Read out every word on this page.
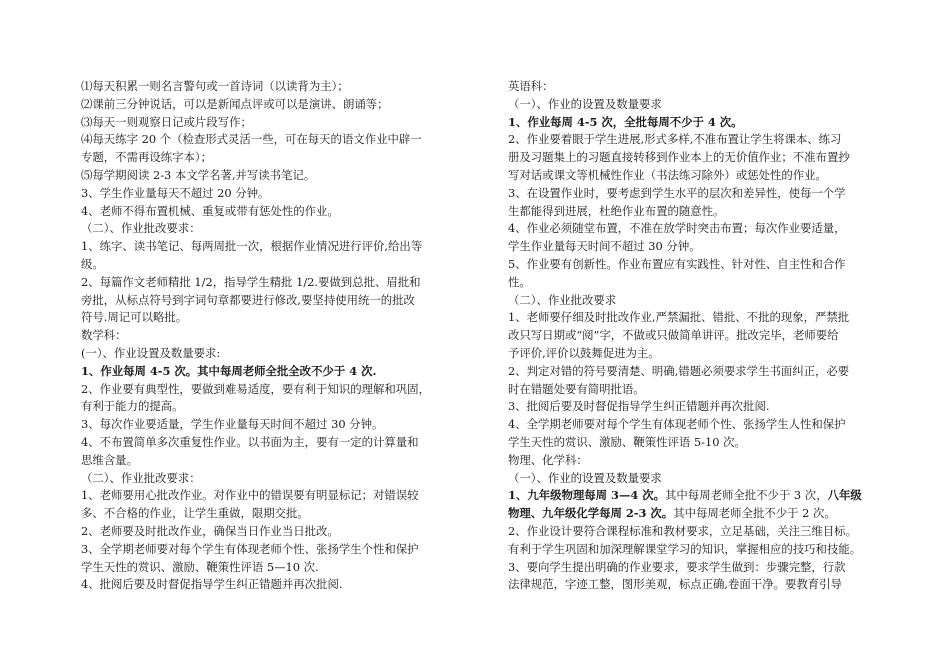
⑴每天积累一则名言警句或一首诗词（以读背为主）；
⑵课前三分钟说话，可以是新闻点评或可以是演讲、朗诵等；
⑶每天一则观察日记或片段写作；
⑷每天练字 20 个（检查形式灵活一些，可在每天的语文作业中辟一
专题，不需再设练字本）；
⑸每学期阅读 2-3 本文学名著,并写读书笔记。
3、学生作业量每天不超过 20 分钟。
4、老师不得布置机械、重复或带有惩处性的作业。
（二）、作业批改要求：
1、练字、读书笔记、每两周批一次，根据作业情况进行评价,给出等
级。
2、每篇作文老师精批 1/2，指导学生精批 1/2.要做到总批、眉批和
旁批，从标点符号到字词句章都要进行修改,要坚持使用统一的批改
符号.周记可以略批。
数学科：
(一）、作业设置及数量要求:
1、作业每周 4-5 次。其中每周老师全批全改不少于 4 次.
2、作业要有典型性，要做到难易适度，要有利于知识的理解和巩固，
有利于能力的提高。
3、每次作业要适量，学生作业量每天时间不超过 30 分钟。
4、不布置简单多次重复性作业。以书面为主，要有一定的计算量和
思维含量。
（二）、作业批改要求：
1、老师要用心批改作业。对作业中的错误要有明显标记；对错误较
多、不合格的作业，让学生重做，限期交批。
2、老师要及时批改作业，确保当日作业当日批改。
3、全学期老师要对每个学生有体现老师个性、张扬学生个性和保护
学生天性的赏识、激励、鞭策性评语 5—10 次.
4、批阅后要及时督促指导学生纠正错题并再次批阅.
英语科：
（一）、作业的设置及数量要求
1、作业每周 4-5 次，全批每周不少于 4 次。
2、作业要着眼于学生进展,形式多样,不准布置让学生将课本、练习
册及习题集上的习题直接转移到作业本上的无价值作业；不准布置抄
写对话或课文等机械性作业（书法练习除外）或惩处性的作业。
3、在设置作业时，要考虑到学生水平的层次和差异性，使每一个学
生都能得到进展，杜绝作业布置的随意性。
4、作业必须随堂布置，不准在放学时突击布置；每次作业要适量，
学生作业量每天时间不超过 30 分钟。
5、作业要有创新性。作业布置应有实践性、针对性、自主性和合作
性。
（二）、作业批改要求
1、老师要仔细及时批改作业,严禁漏批、错批、不批的现象，严禁批
改只写日期或“阅”字，不做或只做简单讲评。批改完毕，老师要给
予评价,评价以鼓舞促进为主。
2、判定对错的符号要清楚、明确,错题必须要求学生书面纠正，必要
时在错题处要有简明批语。
3、批阅后要及时督促指导学生纠正错题并再次批阅.
4、全学期老师要对每个学生有体现老师个性、张扬学生人性和保护
学生天性的赏识、激励、鞭策性评语 5-10 次。
物理、化学科：
（一）、作业的设置及数量要求
1、九年级物理每周 3—4 次。其中每周老师全批不少于 3 次，八年级
物理、九年级化学每周 2-3 次。其中每周老师全批不少于 2 次。
2、作业设计要符合课程标准和教材要求，立足基础，关注三维目标。
有利于学生巩固和加深理解课堂学习的知识，掌握相应的技巧和技能。
3、要向学生提出明确的作业要求，要求学生做到：步骤完整，行款
法律规范，字迹工整，图形美观，标点正确,卷面干净。要教育引导
